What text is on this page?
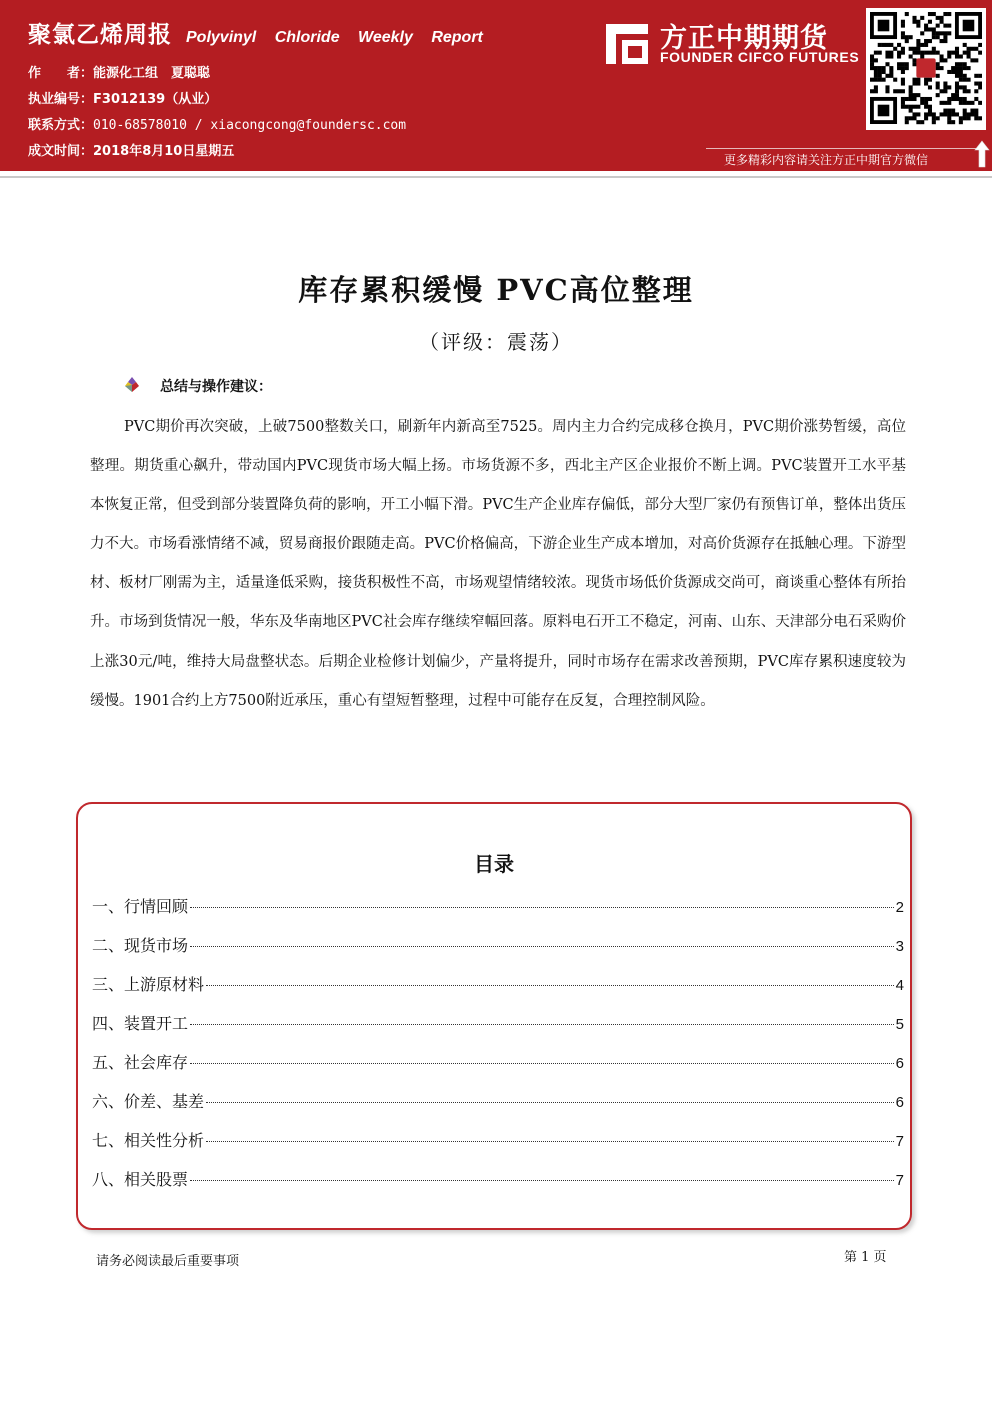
聚氯乙烯周报 Polyvinyl Chloride Weekly Report
作　　者：能源化工组　夏聪聪
执业编号：F3012139（从业）
联系方式：010-68578010 / xiacongcong@foundersc.com
成文时间：2018年8月10日星期五
方正中期期货
FOUNDER CIFCO FUTURES
更多精彩内容请关注方正中期官方微信
库存累积缓慢 PVC高位整理
（评级：震荡）
总结与操作建议：

PVC期价再次突破，上破7500整数关口，刷新年内新高至7525。周内主力合约完成移仓换月，PVC期价涨势暂缓，高位整理。期货重心飙升，带动国内PVC现货市场大幅上扬。市场货源不多，西北主产区企业报价不断上调。PVC装置开工水平基本恢复正常，但受到部分装置降负荷的影响，开工小幅下滑。PVC生产企业库存偏低，部分大型厂家仍有预售订单，整体出货压力不大。市场看涨情绪不减，贸易商报价跟随走高。PVC价格偏高，下游企业生产成本增加，对高价货源存在抵触心理。下游型材、板材厂刚需为主，适量逢低采购，接货积极性不高，市场观望情绪较浓。现货市场低价货源成交尚可，商谈重心整体有所抬升。市场到货情况一般，华东及华南地区PVC社会库存继续窄幅回落。原料电石开工不稳定，河南、山东、天津部分电石采购价上涨30元/吨，维持大局盘整状态。后期企业检修计划偏少，产量将提升，同时市场存在需求改善预期，PVC库存累积速度较为缓慢。1901合约上方7500附近承压，重心有望短暂整理，过程中可能存在反复，合理控制风险。

目录
一、行情回顾	2
二、现货市场	3
三、上游原材料	4
四、装置开工	5
五、社会库存	6
六、价差、基差	6
七、相关性分析	7
八、相关股票	7
请务必阅读最后重要事项	第 1 页
